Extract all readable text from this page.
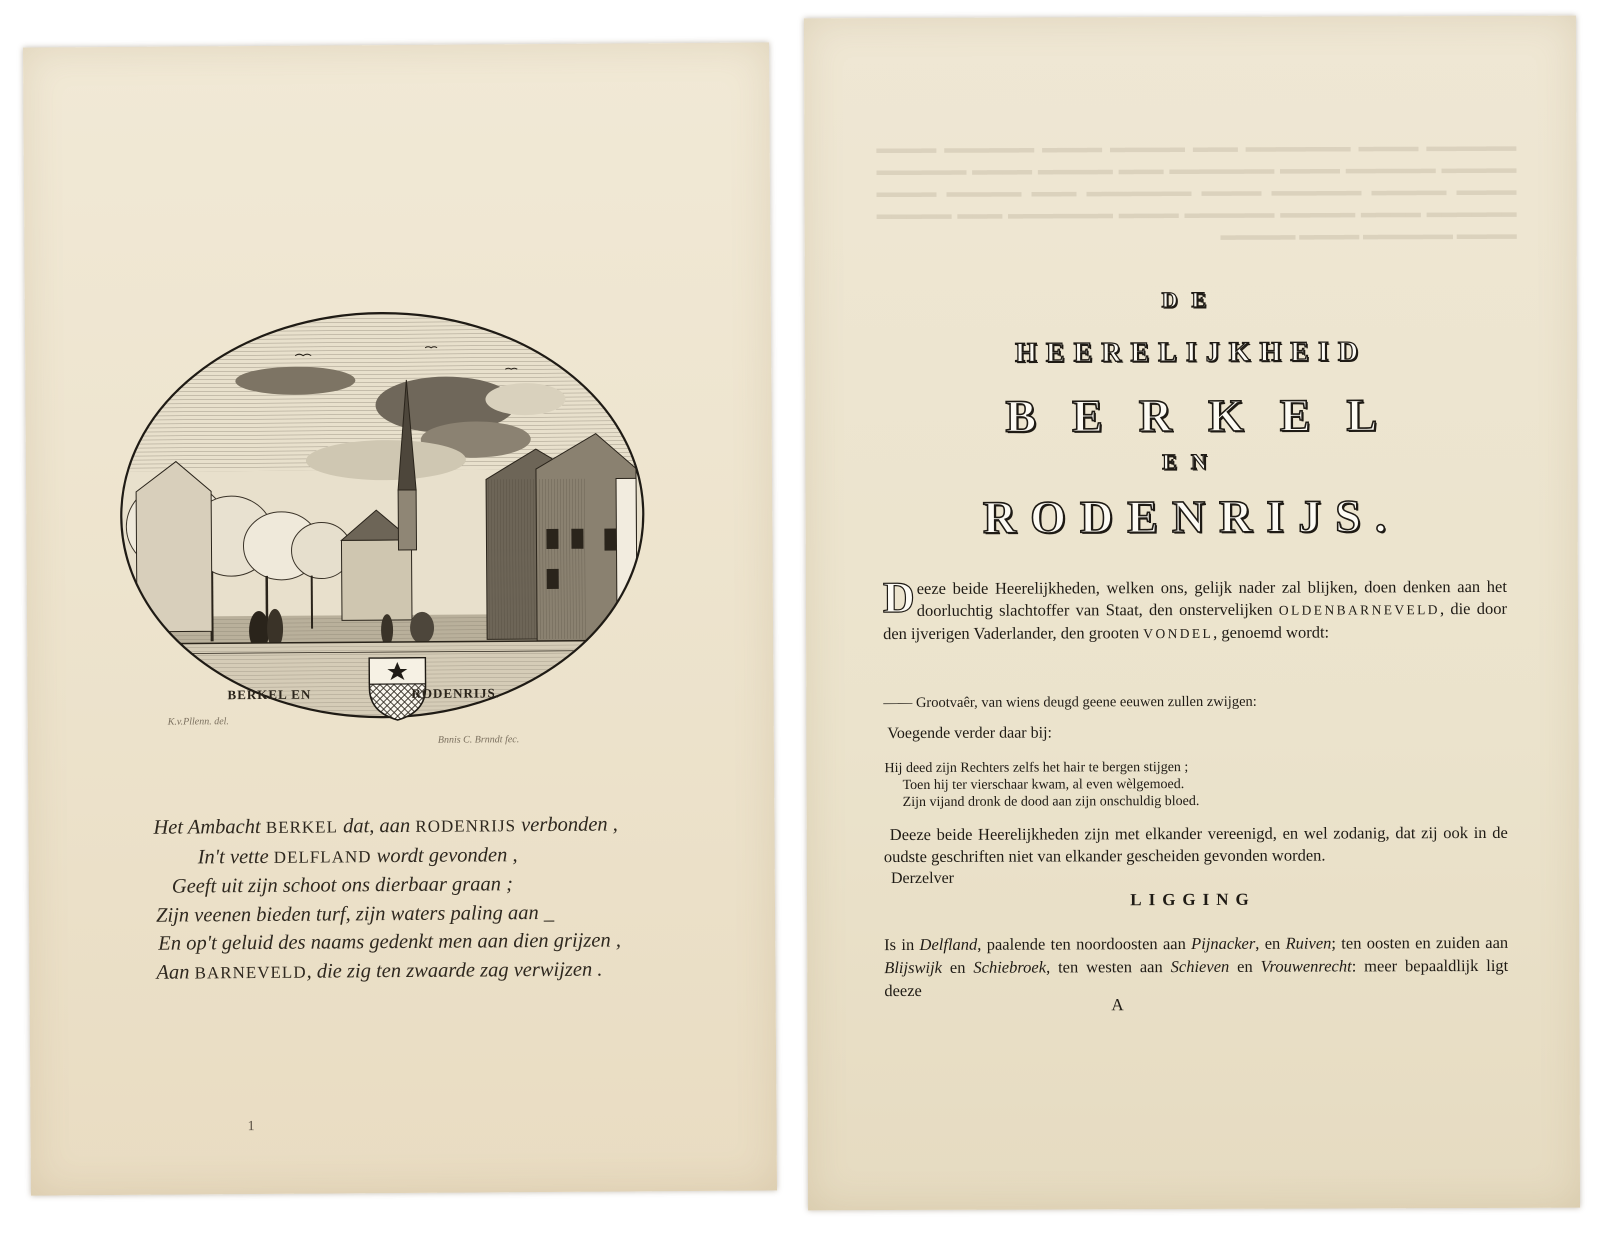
BERKEL EN	RODENRIJS.
K.v.Pllenn. del.
Bnnis C. Brnndt fec.
Het Ambacht BERKEL dat, aan RODENRIJS verbonden ,
In't vette DELFLAND wordt gevonden ,
Geeft uit zijn schoot ons dierbaar graan ;
Zijn veenen bieden turf, zijn waters paling aan _
En op't geluid des naams gedenkt men aan dien grijzen ,
Aan BARNEVELD, die zig ten zwaarde zag verwijzen .
1
▬▬▬▬▬▬ ▬▬▬▬ ▬▬▬▬▬▬▬ ▬▬▬ ▬▬▬▬▬ ▬▬▬▬ ▬▬▬▬▬▬ ▬▬▬▬ ▬▬▬▬▬ ▬▬▬▬▬▬ ▬▬▬▬ ▬▬▬▬▬▬▬ ▬▬▬ ▬▬▬▬▬ ▬▬▬▬ ▬▬▬▬▬▬ ▬▬▬▬ ▬▬▬▬▬ ▬▬▬▬▬▬ ▬▬▬▬ ▬▬▬▬▬▬▬ ▬▬▬ ▬▬▬▬▬ ▬▬▬▬ ▬▬▬▬▬▬ ▬▬▬▬ ▬▬▬▬▬ ▬▬▬▬▬▬ ▬▬▬▬ ▬▬▬▬▬▬▬ ▬▬▬ ▬▬▬▬▬ ▬▬▬▬ ▬▬▬▬▬▬ ▬▬▬▬ ▬▬▬▬▬
DE
HEERELIJKHEID
BERKEL
EN
RODENRIJS.
Deeze beide Heerelijkheden, welken ons, gelijk nader zal blijken, doen denken aan het doorluchtig slachtoffer van Staat, den onstervelijken OLDENBARNEVELD, die door den ijverigen Vaderlander, den grooten VONDEL, genoemd wordt:
—— Grootvaêr, van wiens deugd geene eeuwen zullen zwijgen:
Voegende verder daar bij:
Hij deed zijn Rechters zelfs het hair te bergen stijgen ;
Toen hij ter vierschaar kwam, al even wèlgemoed.
Zijn vijand dronk de dood aan zijn onschuldig bloed.
Deeze beide Heerelijkheden zijn met elkander vereenigd, en wel zodanig, dat zij ook in de oudste geschriften niet van elkander gescheiden gevonden worden.
Derzelver
LIGGING
Is in Delfland, paalende ten noordoosten aan Pijnacker, en Ruiven; ten oosten en zuiden aan Blijswijk en Schiebroek, ten westen aan Schieven en Vrouwenrecht: meer bepaaldlijk ligt deeze
A
